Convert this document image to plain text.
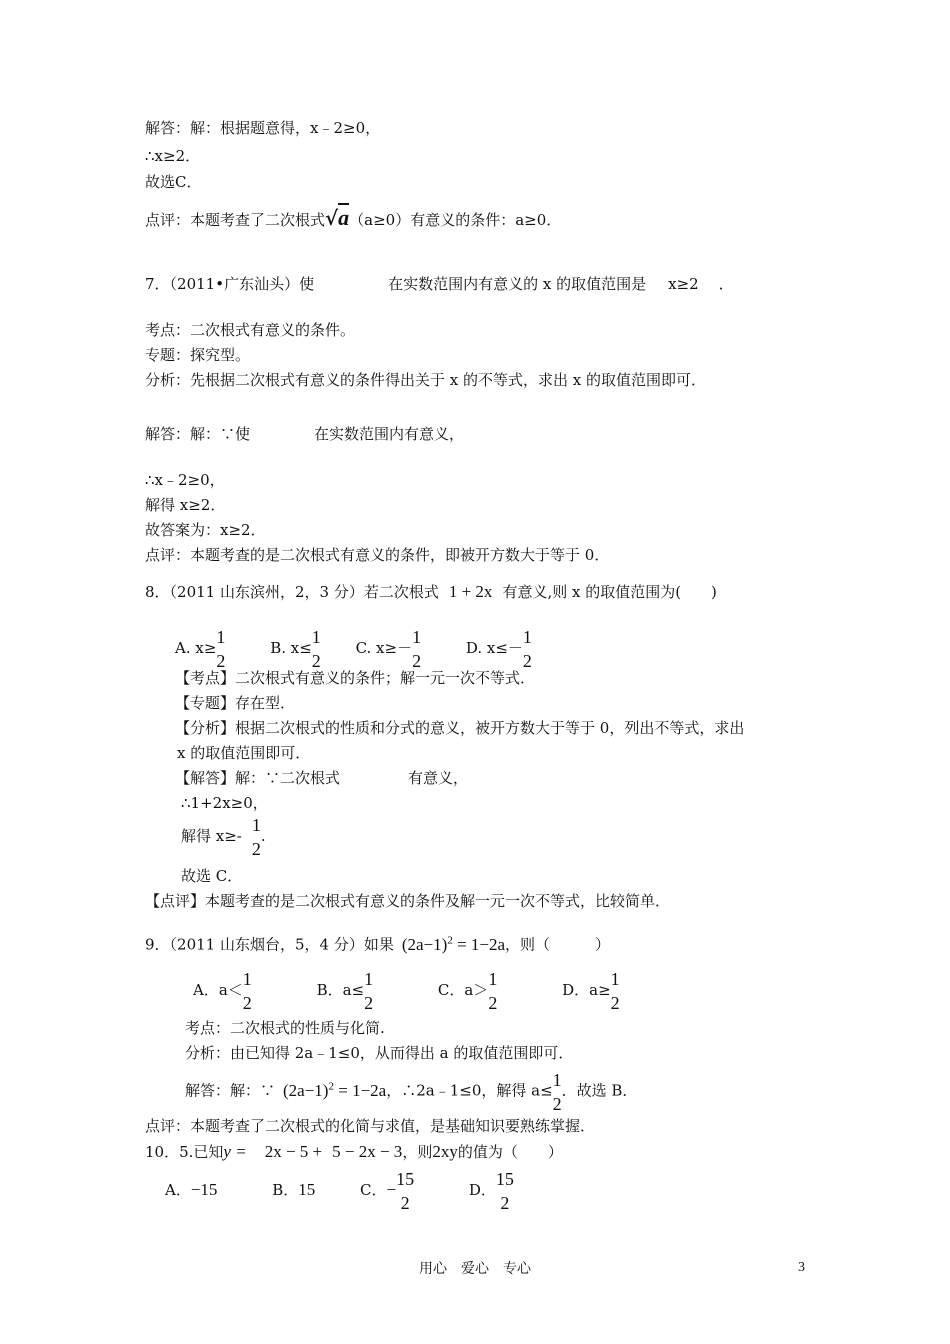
解答：解：根据题意得，x﹣2≥0，
∴x≥2．
故选C．
点评：本题考查了二次根式√a（a≥0）有意义的条件：a≥0．
7．（2011•广东汕头）使	在实数范围内有意义的 x 的取值范围是 x≥2 ．
考点：二次根式有意义的条件。
专题：探究型。
分析：先根据二次根式有意义的条件得出关于 x 的不等式，求出 x 的取值范围即可．
解答：解：∵使	在实数范围内有意义，
∴x﹣2≥0，
解得 x≥2．
故答案为：x≥2．
点评：本题考查的是二次根式有意义的条件，即被开方数大于等于 0．
8．（2011 山东滨州，2，3 分）若二次根式 1 + 2x 有意义,则 x 的取值范围为(　　)
A. x≥
1
2
B. x≤
1
2
C. x≥－
1
2
D. x≤－
1
2
【考点】二次根式有意义的条件；解一元一次不等式．
【专题】存在型．
【分析】根据二次根式的性质和分式的意义，被开方数大于等于 0，列出不等式，求出
x 的取值范围即可．
【解答】解：∵二次根式	有意义，
∴1+2x≥0，
解得 x≥-
1
2
.
故选 C．
【点评】本题考查的是二次根式有意义的条件及解一元一次不等式，比较简单．
9．（2011 山东烟台，5，4 分）如果 $(2a-1)^2 = 1-2a$，则（　　　）
A．a＜
1
2
B．a≤
1
2
C．a＞
1
2
D．a≥
1
2
考点：二次根式的性质与化简.
分析：由已知得 2a﹣1≤0，从而得出 a 的取值范围即可．
解答：解：∵ $(2a-1)^2 = 1-2a$，∴2a﹣1≤0，解得 a≤
1
2
．故选 B．
点评：本题考查了二次根式的化简与求值，是基础知识要熟练掌握．
10．5.已知y = 2x − 5 + 5 − 2x − 3，则2xy的值为（　　）
A．−15	B．15	C．−
15
2
D．
15
2
用心　爱心　专心	3
